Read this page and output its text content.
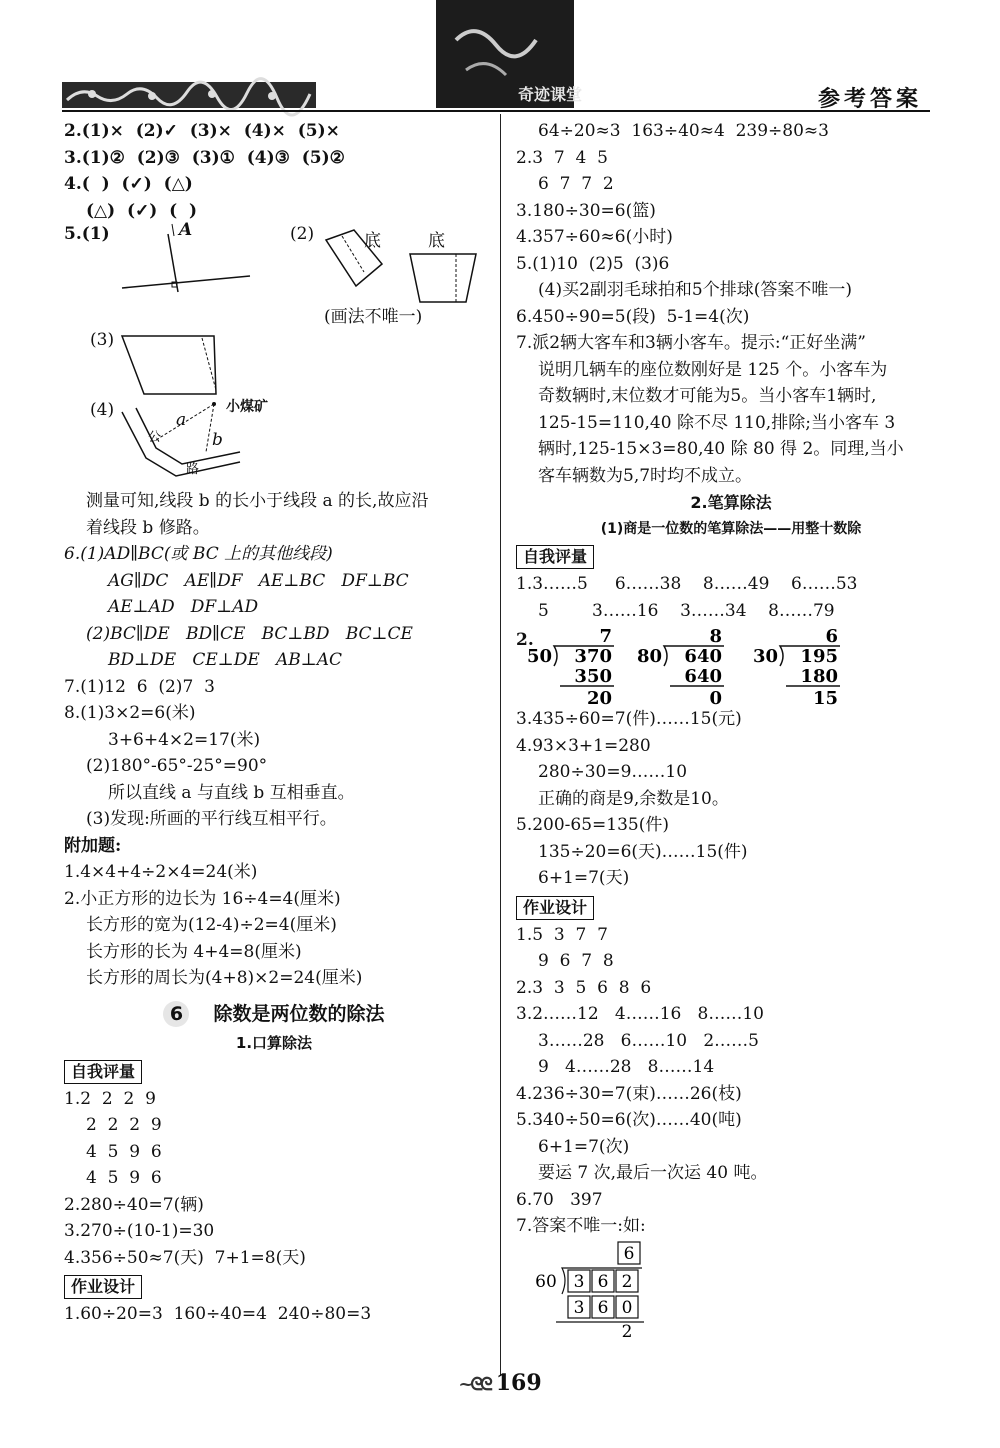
奇迹课堂	参考答案
2.(1)×  (2)✓  (3)×  (4)×  (5)×
3.(1)②  (2)③  (3)①  (4)③  (5)②
4.(  )  (✓)  (△)
(△)  (✓)  (  )
5.(1)	A	(2)	底	底
(画法不唯一)
(3)
(4)	小煤矿
a
b
公
路
测量可知,线段 b 的长小于线段 a 的长,故应沿
着线段 b 修路。
6.(1)AD∥BC(或 BC 上的其他线段)
AG∥DC   AE∥DF   AE⊥BC   DF⊥BC
AE⊥AD   DF⊥AD
(2)BC∥DE   BD∥CE   BC⊥BD   BC⊥CE
BD⊥DE   CE⊥DE   AB⊥AC
7.(1)12  6  (2)7  3
8.(1)3×2=6(米)
3+6+4×2=17(米)
(2)180°-65°-25°=90°
所以直线 a 与直线 b 互相垂直。
(3)发现:所画的平行线互相平行。
附加题:
1.4×4+4÷2×4=24(米)
2.小正方形的边长为 16÷4=4(厘米)
长方形的宽为(12-4)÷2=4(厘米)
长方形的长为 4+4=8(厘米)
长方形的周长为(4+8)×2=24(厘米)
6 除数是两位数的除法
1.口算除法
自我评量
1.2  2  2  9
2  2  2  9
4  5  9  6
4  5  9  6
2.280÷40=7(辆)
3.270÷(10-1)=30
4.356÷50≈7(天)  7+1=8(天)
作业设计
1.60÷20=3  160÷40=4  240÷80=3
64÷20≈3  163÷40≈4  239÷80≈3
2.3  7  4  5
6  7  7  2
3.180÷30=6(篮)
4.357÷60≈6(小时)
5.(1)10  (2)5  (3)6
(4)买2副羽毛球拍和5个排球(答案不唯一)
6.450÷90=5(段)  5-1=4(次)
7.派2辆大客车和3辆小客车。提示:“正好坐满”
说明几辆车的座位数刚好是 125 个。小客车为
奇数辆时,末位数才可能为5。当小客车1辆时,
125-15=110,40 除不尽 110,排除;当小客车 3
辆时,125-15×3=80,40 除 80 得 2。同理,当小
客车辆数为5,7时均不成立。
2.笔算除法
(1)商是一位数的笔算除法——用整十数除
自我评量
1.3……5     6……38    8……49    6……53
5        3……16    3……34    8……79
2.	7
50 370
350
20
8
80 640
640
0
6
30 195
180
15
3.435÷60=7(件)……15(元)
4.93×3+1=280
280÷30=9……10
正确的商是9,余数是10。
5.200-65=135(件)
135÷20=6(天)……15(件)
6+1=7(天)
作业设计
1.5  3  7  7
9  6  7  8
2.3  3  5  6  8  6
3.2……12   4……16   8……10
3……28   6……10   2……5
9   4……28   8……14
4.236÷30=7(束)……26(枝)
5.340÷50=6(次)……40(吨)
6+1=7(次)
要运 7 次,最后一次运 40 吨。
6.70   397
7.答案不唯一:如:
6
60 3 6 2
3 6 0
2
~ᘓᘓ 169
